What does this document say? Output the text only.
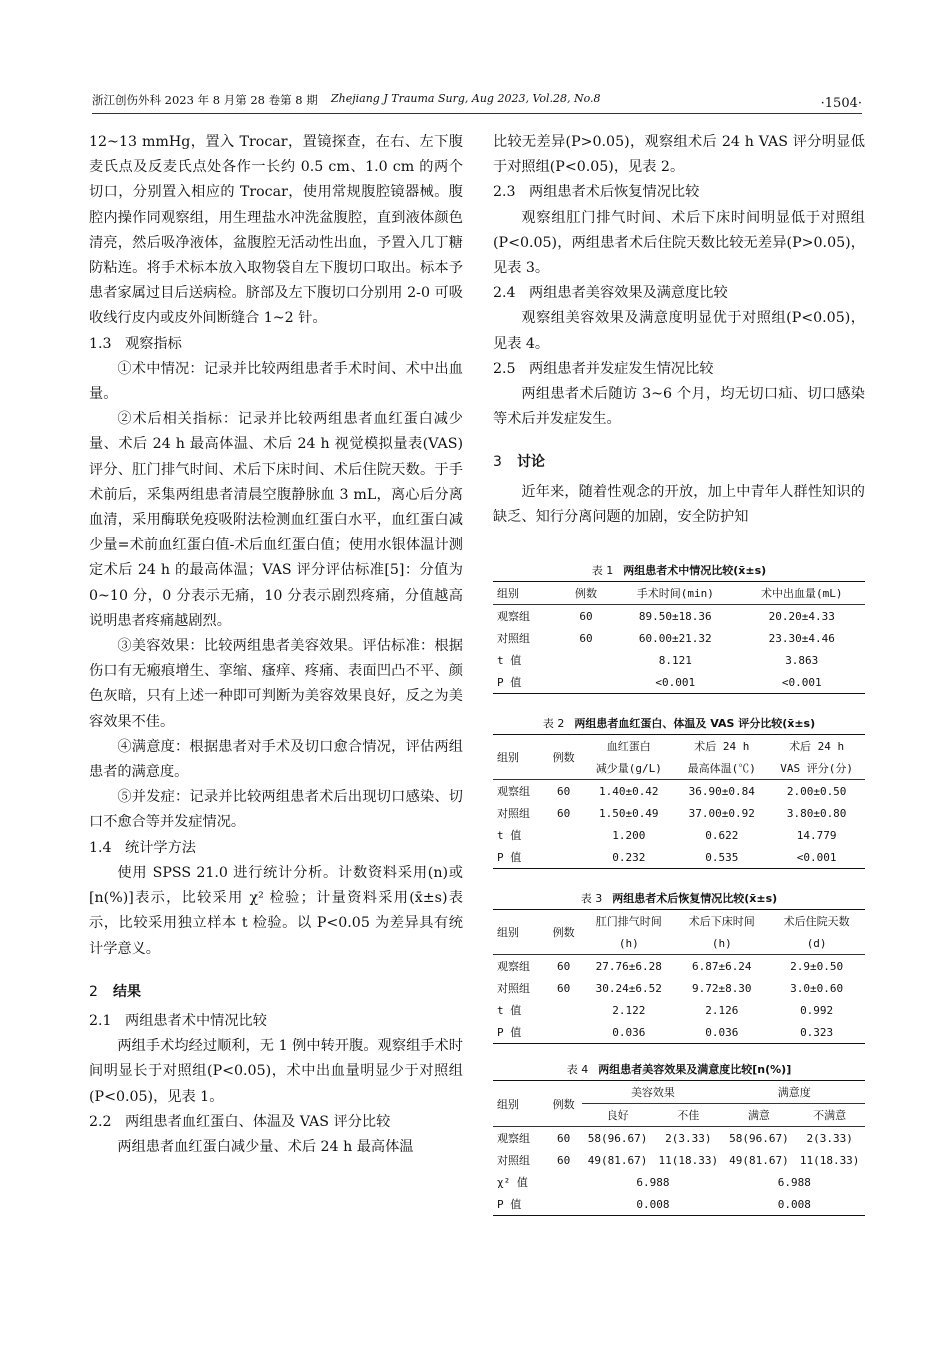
浙江创伤外科 2023 年 8 月第 28 卷第 8 期 Zhejiang J Trauma Surg, Aug 2023, Vol.28, No.8	·1504·

12~13 mmHg，置入 Trocar，置镜探查，在右、左下腹麦氏点及反麦氏点处各作一长约 0.5 cm、1.0 cm 的两个切口，分别置入相应的 Trocar，使用常规腹腔镜器械。腹腔内操作同观察组，用生理盐水冲洗盆腹腔，直到液体颜色清亮，然后吸净液体，盆腹腔无活动性出血，予置入几丁糖防粘连。将手术标本放入取物袋自左下腹切口取出。标本予患者家属过目后送病检。脐部及左下腹切口分别用 2-0 可吸收线行皮内或皮外间断缝合 1~2 针。

1.3 观察指标

①术中情况：记录并比较两组患者手术时间、术中出血量。

②术后相关指标：记录并比较两组患者血红蛋白减少量、术后 24 h 最高体温、术后 24 h 视觉模拟量表(VAS)评分、肛门排气时间、术后下床时间、术后住院天数。于手术前后，采集两组患者清晨空腹静脉血 3 mL，离心后分离血清，采用酶联免疫吸附法检测血红蛋白水平，血红蛋白减少量=术前血红蛋白值-术后血红蛋白值；使用水银体温计测定术后 24 h 的最高体温；VAS 评分评估标准[5]：分值为 0~10 分，0 分表示无痛，10 分表示剧烈疼痛，分值越高说明患者疼痛越剧烈。

③美容效果：比较两组患者美容效果。评估标准：根据伤口有无瘢痕增生、挛缩、瘙痒、疼痛、表面凹凸不平、颜色灰暗，只有上述一种即可判断为美容效果良好，反之为美容效果不佳。

④满意度：根据患者对手术及切口愈合情况，评估两组患者的满意度。

⑤并发症：记录并比较两组患者术后出现切口感染、切口不愈合等并发症情况。

1.4 统计学方法

使用 SPSS 21.0 进行统计分析。计数资料采用(n)或[n(%)]表示，比较采用 χ² 检验；计量资料采用(x̄±s)表示，比较采用独立样本 t 检验。以 P<0.05 为差异具有统计学意义。

2 结果

2.1 两组患者术中情况比较

两组手术均经过顺利，无 1 例中转开腹。观察组手术时间明显长于对照组(P<0.05)，术中出血量明显少于对照组(P<0.05)，见表 1。

2.2 两组患者血红蛋白、体温及 VAS 评分比较

两组患者血红蛋白减少量、术后 24 h 最高体温

比较无差异(P>0.05)，观察组术后 24 h VAS 评分明显低于对照组(P<0.05)，见表 2。

2.3 两组患者术后恢复情况比较

观察组肛门排气时间、术后下床时间明显低于对照组(P<0.05)，两组患者术后住院天数比较无差异(P>0.05)，见表 3。

2.4 两组患者美容效果及满意度比较

观察组美容效果及满意度明显优于对照组(P<0.05)，见表 4。

2.5 两组患者并发症发生情况比较

两组患者术后随访 3~6 个月，均无切口疝、切口感染等术后并发症发生。

3 讨论

近年来，随着性观念的开放，加上中青年人群性知识的缺乏、知行分离问题的加剧，安全防护知

表 1 两组患者术中情况比较(x̄±s)
组别	例数	手术时间(min)	术中出血量(mL)
观察组	60	89.50±18.36	20.20±4.33
对照组	60	60.00±21.32	23.30±4.46
t 值		8.121	3.863
P 值		<0.001	<0.001
表 2 两组患者血红蛋白、体温及 VAS 评分比较(x̄±s)
组别	例数	血红蛋白	术后 24 h	术后 24 h
		减少量(g/L)	最高体温(℃)	VAS 评分(分)
观察组	60	1.40±0.42	36.90±0.84	2.00±0.50
对照组	60	1.50±0.49	37.00±0.92	3.80±0.80
t 值		1.200	0.622	14.779
P 值		0.232	0.535	<0.001
表 3 两组患者术后恢复情况比较(x̄±s)
组别	例数	肛门排气时间	术后下床时间	术后住院天数
		(h)	(h)	(d)
观察组	60	27.76±6.28	6.87±6.24	2.9±0.50
对照组	60	30.24±6.52	9.72±8.30	3.0±0.60
t 值		2.122	2.126	0.992
P 值		0.036	0.036	0.323
表 4 两组患者美容效果及满意度比较[n(%)]
组别	例数	美容效果		满意度	
		良好	不佳	满意	不满意
观察组	60	58(96.67)	2(3.33)	58(96.67)	2(3.33)
对照组	60	49(81.67)	11(18.33)	49(81.67)	11(18.33)
χ² 值		6.988		6.988	
P 值		0.008		0.008	
